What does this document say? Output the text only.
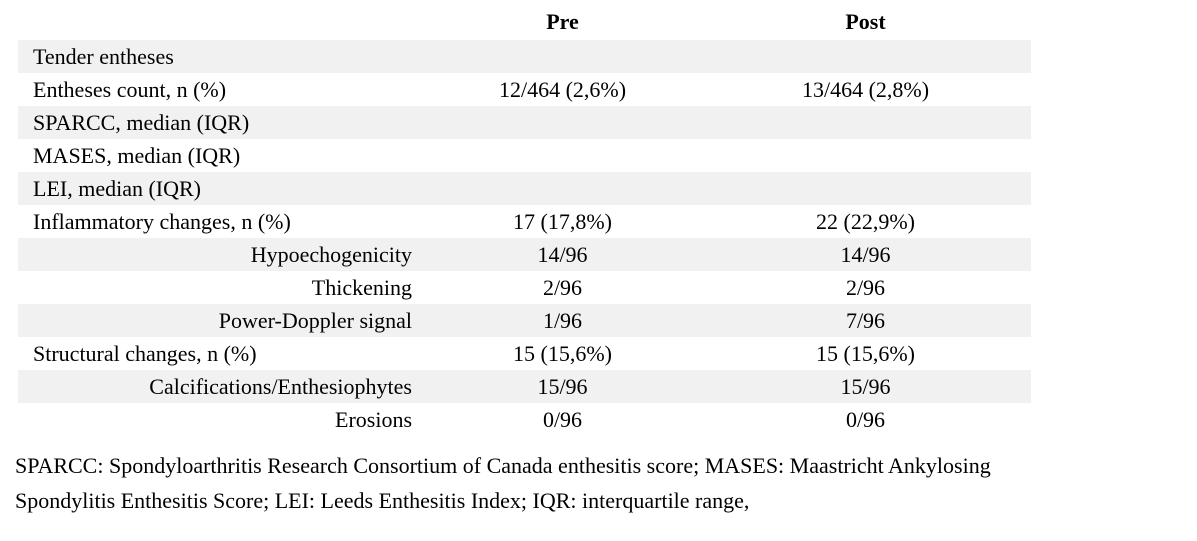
	Pre	Post
Tender entheses		
Entheses count, n (%)	12/464 (2,6%)	13/464 (2,8%)
SPARCC, median (IQR)		
MASES, median (IQR)		
LEI, median (IQR)		
Inflammatory changes, n (%)	17 (17,8%)	22 (22,9%)
Hypoechogenicity	14/96	14/96
Thickening	2/96	2/96
Power-Doppler signal	1/96	7/96
Structural changes, n (%)	15 (15,6%)	15 (15,6%)
Calcifications/Enthesiophytes	15/96	15/96
Erosions	0/96	0/96
SPARCC: Spondyloarthritis Research Consortium of Canada enthesitis score; MASES: Maastricht Ankylosing
Spondylitis Enthesitis Score; LEI: Leeds Enthesitis Index; IQR: interquartile range,
